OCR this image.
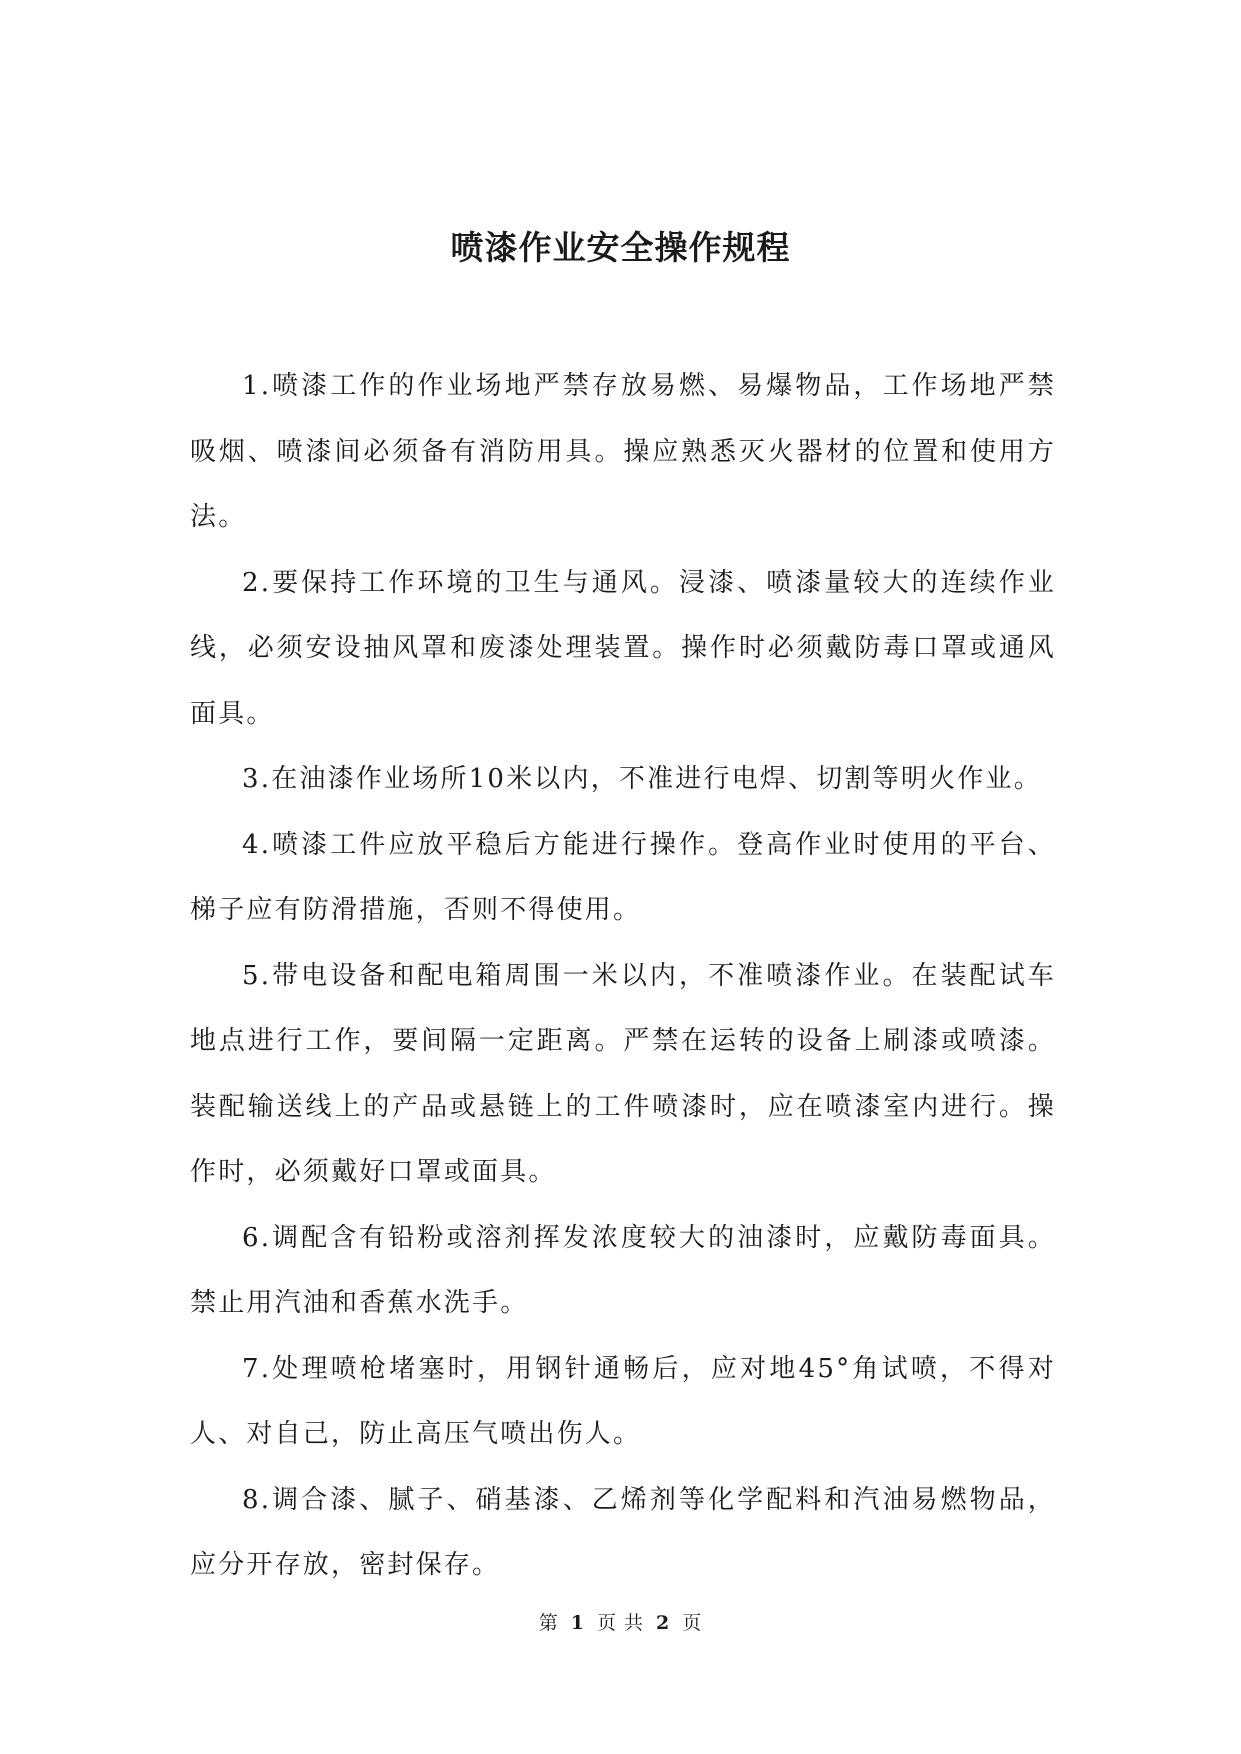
喷漆作业安全操作规程

1.喷漆工作的作业场地严禁存放易燃、易爆物品，工作场地严禁吸烟、喷漆间必须备有消防用具。操应熟悉灭火器材的位置和使用方法。

2.要保持工作环境的卫生与通风。浸漆、喷漆量较大的连续作业线，必须安设抽风罩和废漆处理装置。操作时必须戴防毒口罩或通风面具。

3.在油漆作业场所10米以内，不准进行电焊、切割等明火作业。

4.喷漆工件应放平稳后方能进行操作。登高作业时使用的平台、梯子应有防滑措施，否则不得使用。

5.带电设备和配电箱周围一米以内，不准喷漆作业。在装配试车地点进行工作，要间隔一定距离。严禁在运转的设备上刷漆或喷漆。装配输送线上的产品或悬链上的工件喷漆时，应在喷漆室内进行。操作时，必须戴好口罩或面具。

6.调配含有铅粉或溶剂挥发浓度较大的油漆时，应戴防毒面具。禁止用汽油和香蕉水洗手。

7.处理喷枪堵塞时，用钢针通畅后，应对地45°角试喷，不得对人、对自己，防止高压气喷出伤人。

8.调合漆、腻子、硝基漆、乙烯剂等化学配料和汽油易燃物品，应分开存放，密封保存。

第 1 页 共 2 页
